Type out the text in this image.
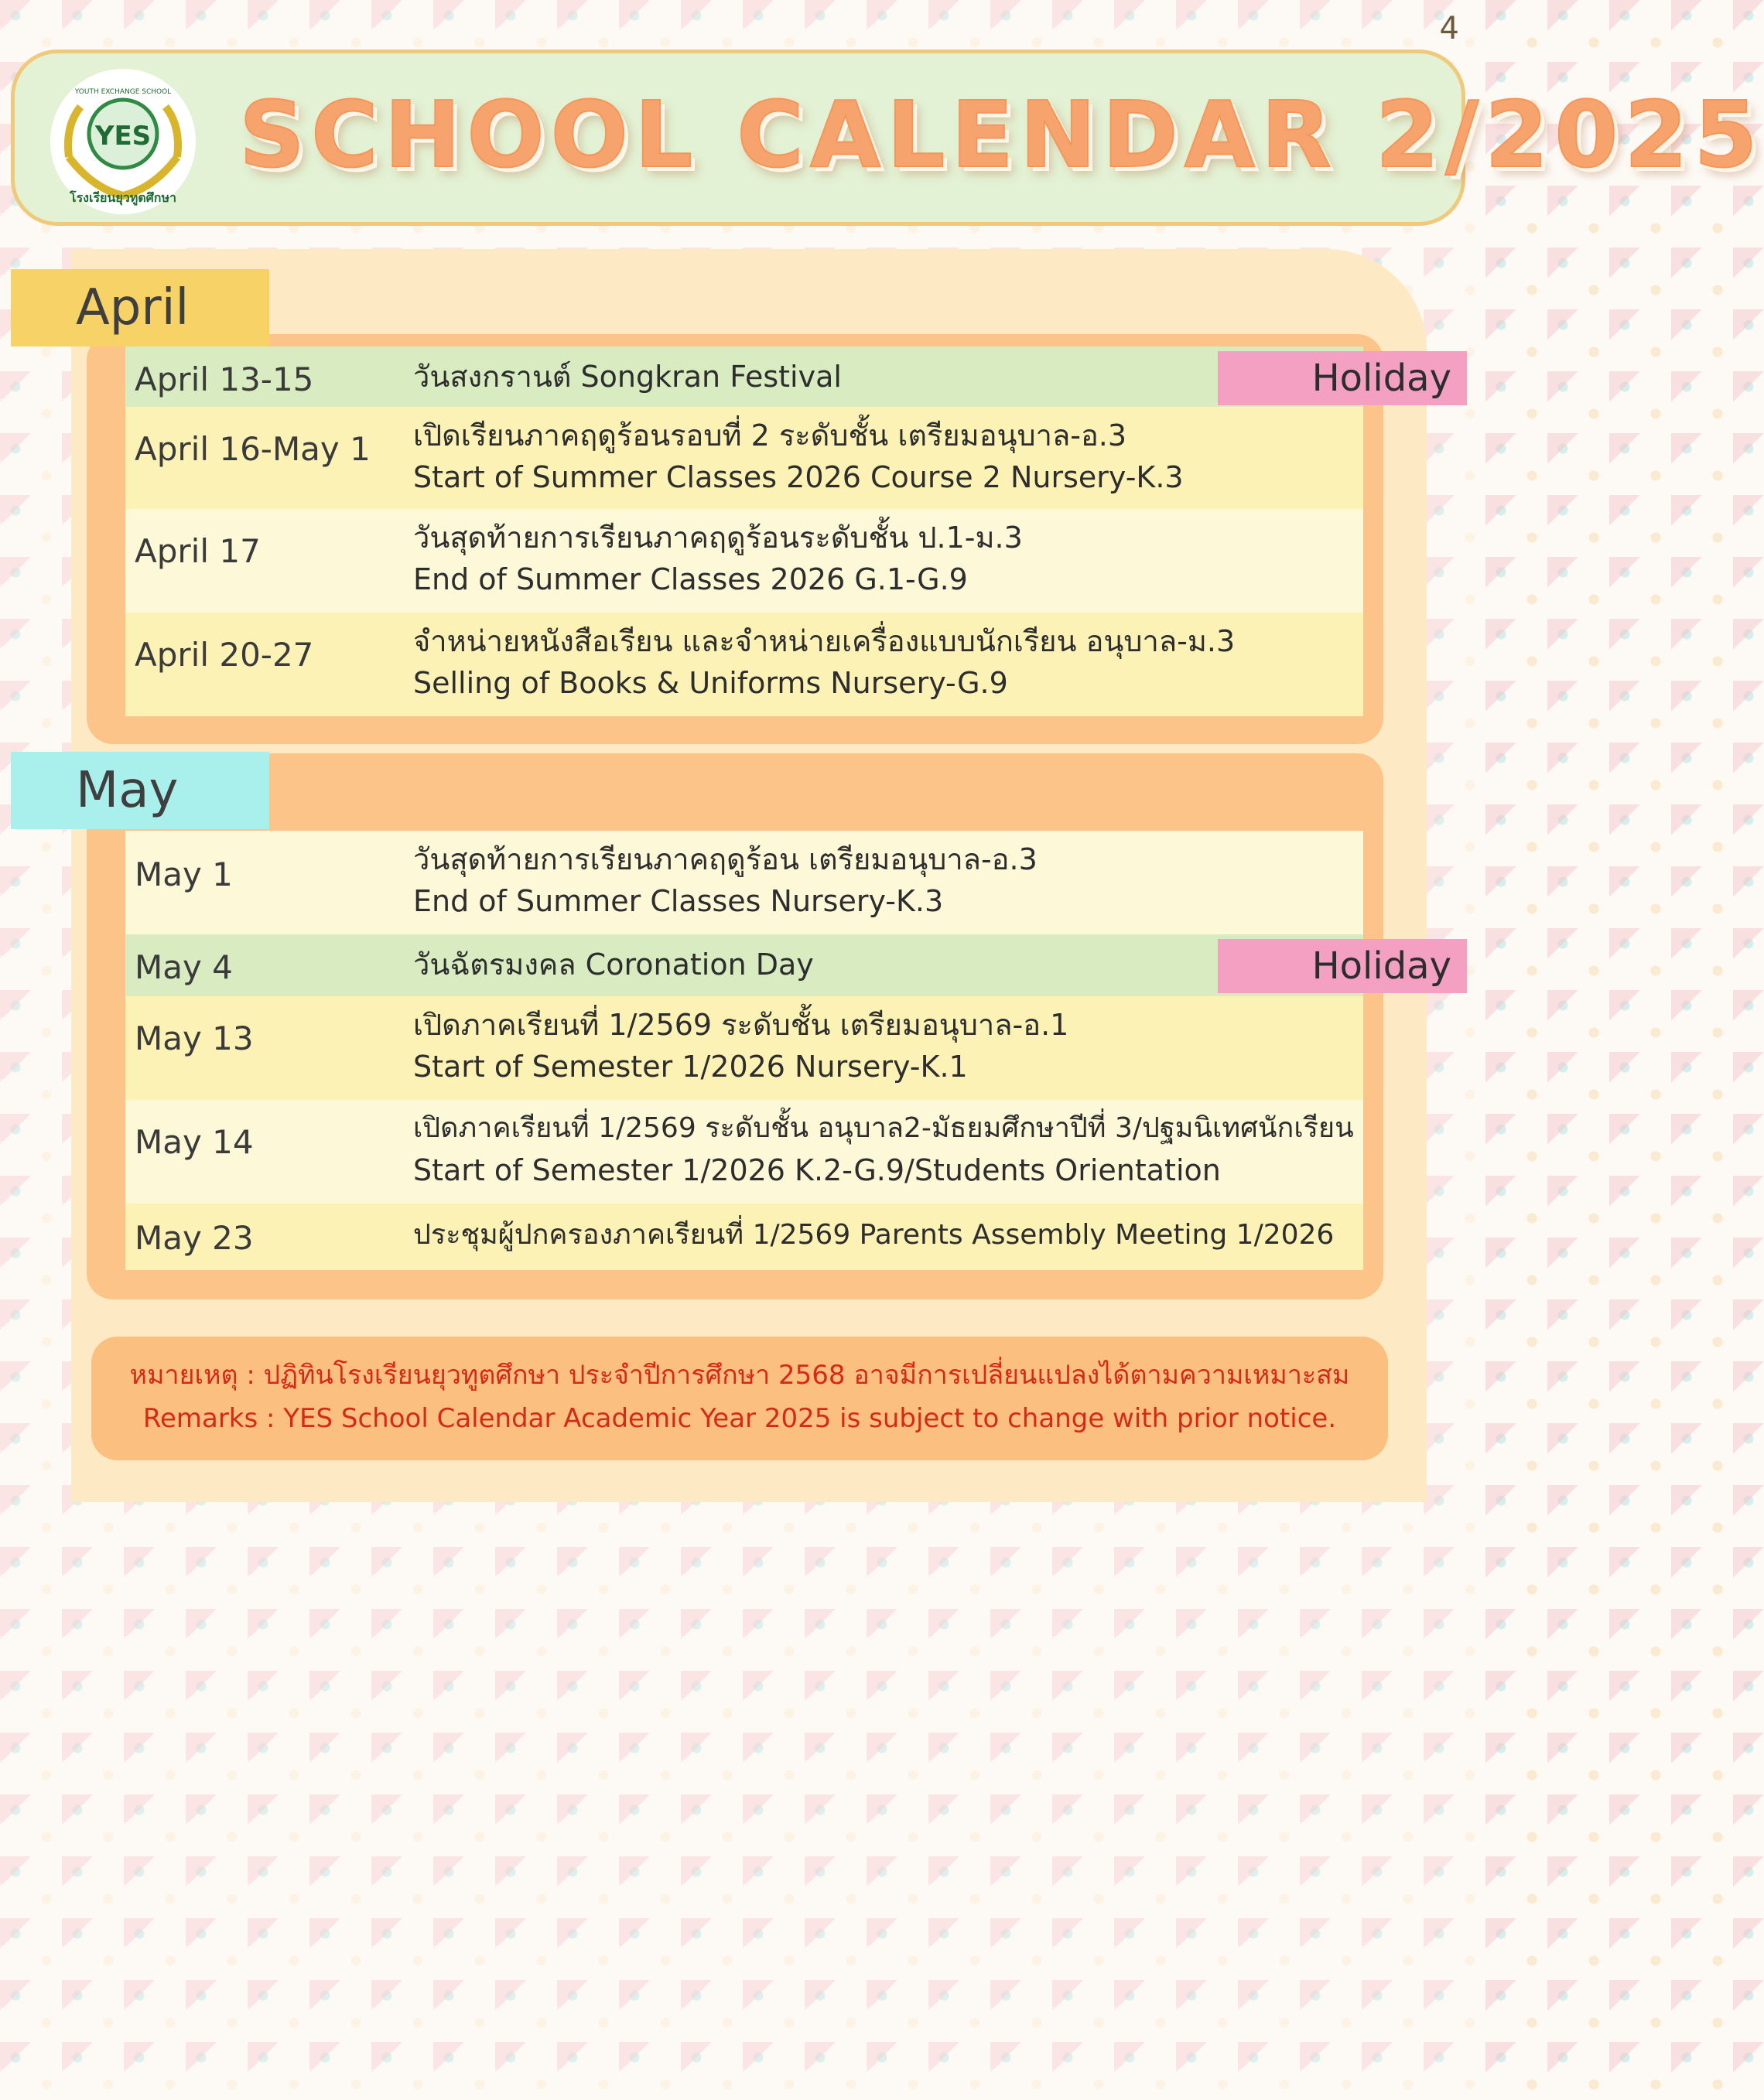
4
YES
YOUTH EXCHANGE SCHOOL
โรงเรียนยุวทูตศึกษา
SCHOOL CALENDAR 2/2025
April
April 13-15	วันสงกรานต์ Songkran Festival	Holiday
April 16-May 1 เปิดเรียนภาคฤดูร้อนรอบที่ 2 ระดับชั้น เตรียมอนุบาล-อ.3
Start of Summer Classes 2026 Course 2 Nursery-K.3
April 17	วันสุดท้ายการเรียนภาคฤดูร้อนระดับชั้น ป.1-ม.3
End of Summer Classes 2026 G.1-G.9
April 20-27	จำหน่ายหนังสือเรียน และจำหน่ายเครื่องแบบนักเรียน อนุบาล-ม.3
Selling of Books & Uniforms Nursery-G.9
May
May 1	วันสุดท้ายการเรียนภาคฤดูร้อน เตรียมอนุบาล-อ.3
End of Summer Classes Nursery-K.3
May 4	วันฉัตรมงคล Coronation Day	Holiday
May 13	เปิดภาคเรียนที่ 1/2569 ระดับชั้น เตรียมอนุบาล-อ.1
Start of Semester 1/2026 Nursery-K.1
May 14	เปิดภาคเรียนที่ 1/2569 ระดับชั้น อนุบาล2-มัธยมศึกษาปีที่ 3/ปฐมนิเทศนักเรียน
Start of Semester 1/2026 K.2-G.9/Students Orientation
May 23	ประชุมผู้ปกครองภาคเรียนที่ 1/2569 Parents Assembly Meeting 1/2026
หมายเหตุ : ปฏิทินโรงเรียนยุวทูตศึกษา ประจำปีการศึกษา 2568 อาจมีการเปลี่ยนแปลงได้ตามความเหมาะสม
Remarks : YES School Calendar Academic Year 2025 is subject to change with prior notice.
